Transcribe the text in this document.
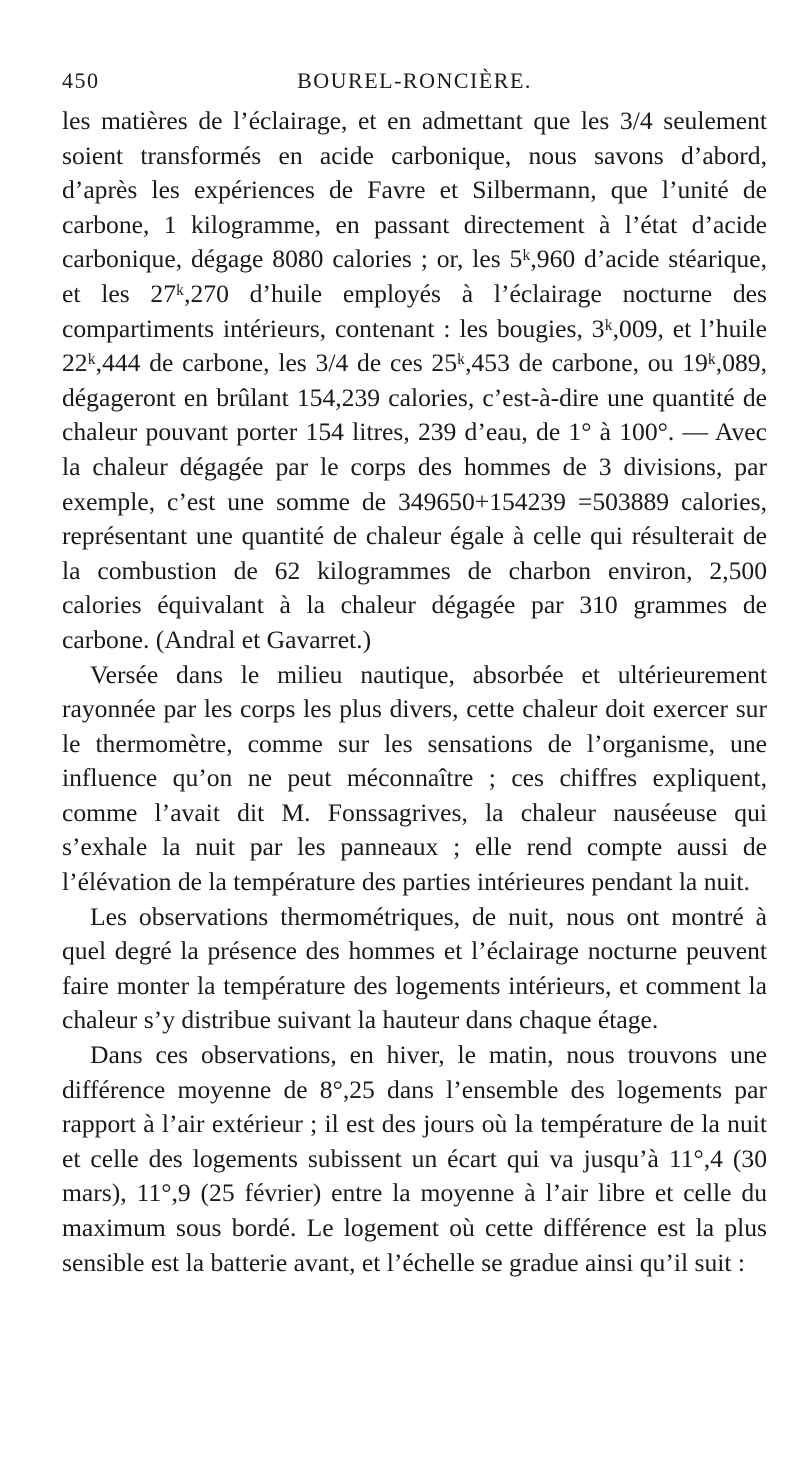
450	BOUREL-RONCIÈRE.

les matières de l’éclairage, et en admettant que les 3/4 seulement soient transformés en acide carbonique, nous savons d’abord, d’après les expériences de Favre et Silbermann, que l’unité de carbone, 1 kilogramme, en passant directement à l’état d’acide carbonique, dégage 8080 calories ; or, les 5ᵏ,960 d’acide stéarique, et les 27ᵏ,270 d’huile employés à l’éclairage nocturne des compartiments intérieurs, contenant : les bougies, 3ᵏ,009, et l’huile 22ᵏ,444 de carbone, les 3/4 de ces 25ᵏ,453 de carbone, ou 19ᵏ,089, dégageront en brûlant 154,239 calories, c’est-à-dire une quantité de chaleur pouvant porter 154 litres, 239 d’eau, de 1° à 100°. — Avec la chaleur dégagée par le corps des hommes de 3 divisions, par exemple, c’est une somme de 349650+154239 =503889 calories, représentant une quantité de chaleur égale à celle qui résulterait de la combustion de 62 kilogrammes de charbon environ, 2,500 calories équivalant à la chaleur dégagée par 310 grammes de carbone. (Andral et Gavarret.)

Versée dans le milieu nautique, absorbée et ultérieurement rayonnée par les corps les plus divers, cette chaleur doit exercer sur le thermomètre, comme sur les sensations de l’organisme, une influence qu’on ne peut méconnaître ; ces chiffres expliquent, comme l’avait dit M. Fonssagrives, la chaleur nauséeuse qui s’exhale la nuit par les panneaux ; elle rend compte aussi de l’élévation de la température des parties intérieures pendant la nuit.

Les observations thermométriques, de nuit, nous ont montré à quel degré la présence des hommes et l’éclairage nocturne peuvent faire monter la température des logements intérieurs, et comment la chaleur s’y distribue suivant la hauteur dans chaque étage.

Dans ces observations, en hiver, le matin, nous trouvons une différence moyenne de 8°,25 dans l’ensemble des logements par rapport à l’air extérieur ; il est des jours où la température de la nuit et celle des logements subissent un écart qui va jusqu’à 11°,4 (30 mars), 11°,9 (25 février) entre la moyenne à l’air libre et celle du maximum sous bordé. Le logement où cette différence est la plus sensible est la batterie avant, et l’échelle se gradue ainsi qu’il suit :
